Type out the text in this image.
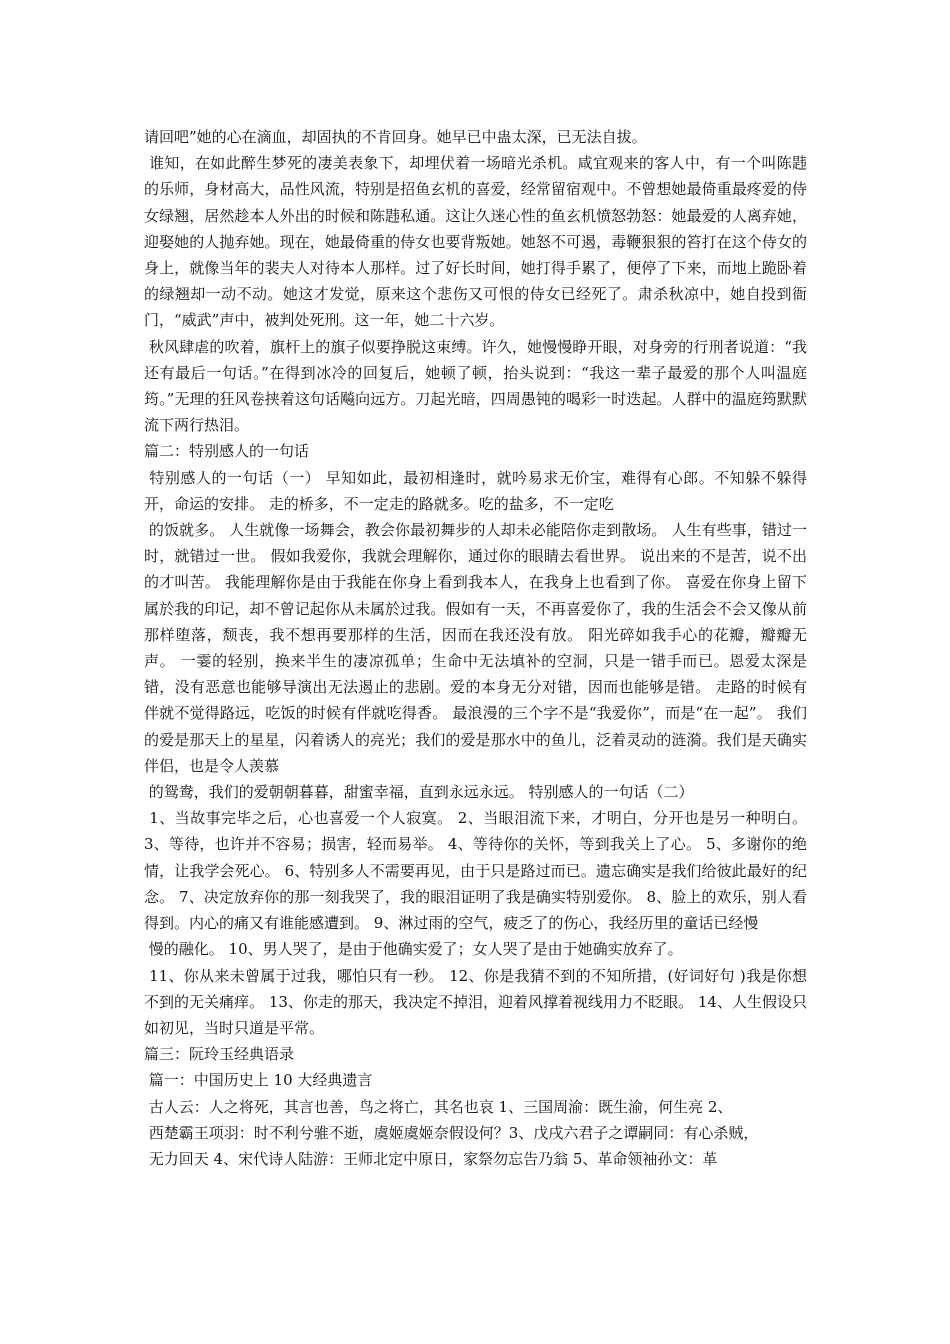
请回吧”她的心在滴血，却固执的不肯回身。她早已中蛊太深，已无法自拔。

谁知，在如此醉生梦死的凄美表象下，却埋伏着一场暗光杀机。咸宜观来的客人中，有一个叫陈韪的乐师，身材高大，品性风流，特别是招鱼玄机的喜爱，经常留宿观中。不曾想她最倚重最疼爱的侍女绿翘，居然趁本人外出的时候和陈韪私通。这让久迷心性的鱼玄机愤怒勃怒：她最爱的人离弃她，迎娶她的人抛弃她。现在，她最倚重的侍女也要背叛她。她怒不可遏，毒鞭狠狠的笞打在这个侍女的身上，就像当年的裴夫人对待本人那样。过了好长时间，她打得手累了，便停了下来，而地上跪卧着的绿翘却一动不动。她这才发觉，原来这个悲伤又可恨的侍女已经死了。肃杀秋凉中，她自投到衙门，“威武”声中，被判处死刑。这一年，她二十六岁。

秋风肆虐的吹着，旗杆上的旗子似要挣脱这束缚。许久，她慢慢睁开眼，对身旁的行刑者说道：“我还有最后一句话。”在得到冰冷的回复后，她顿了顿，抬头说到：“我这一辈子最爱的那个人叫温庭筠。”无理的狂风卷挟着这句话飚向远方。刀起光暗，四周愚钝的喝彩一时迭起。人群中的温庭筠默默流下两行热泪。

篇二：特别感人的一句话

特别感人的一句话（一） 早知如此，最初相逢时，就吟易求无价宝，难得有心郎。不知躲不躲得开，命运的安排。 走的桥多，不一定走的路就多。吃的盐多，不一定吃

的饭就多。 人生就像一场舞会，教会你最初舞步的人却未必能陪你走到散场。 人生有些事，错过一时，就错过一世。 假如我爱你，我就会理解你，通过你的眼睛去看世界。 说出来的不是苦，说不出的才叫苦。 我能理解你是由于我能在你身上看到我本人，在我身上也看到了你。 喜爱在你身上留下属於我的印记，却不曾记起你从未属於过我。假如有一天，不再喜爱你了，我的生活会不会又像从前那样堕落，颓丧，我不想再要那样的生活，因而在我还没有放。 阳光碎如我手心的花瓣，瓣瓣无声。 一霎的轻别，换来半生的凄凉孤单；生命中无法填补的空洞，只是一错手而已。恩爱太深是错，没有恶意也能够导演出无法遏止的悲剧。爱的本身无分对错，因而也能够是错。 走路的时候有伴就不觉得路远，吃饭的时候有伴就吃得香。 最浪漫的三个字不是“我爱你”，而是“在一起”。 我们的爱是那天上的星星，闪着诱人的亮光；我们的爱是那水中的鱼儿，泛着灵动的涟漪。我们是天确实伴侣，也是令人羡慕

的鸳鸯，我们的爱朝朝暮暮，甜蜜幸福，直到永远永远。 特别感人的一句话（二）

1、当故事完毕之后，心也喜爱一个人寂寞。 2、当眼泪流下来，才明白，分开也是另一种明白。 3、等待，也许并不容易；损害，轻而易举。 4、等待你的关怀，等到我关上了心。 5、多谢你的绝情，让我学会死心。 6、特别多人不需要再见，由于只是路过而已。遗忘确实是我们给彼此最好的纪念。 7、决定放弃你的那一刻我哭了，我的眼泪证明了我是确实特别爱你。 8、脸上的欢乐，别人看得到。内心的痛又有谁能感遭到。 9、淋过雨的空气，疲乏了的伤心，我经历里的童话已经慢

慢的融化。 10、男人哭了，是由于他确实爱了；女人哭了是由于她确实放弃了。

11、你从来未曾属于过我，哪怕只有一秒。 12、你是我猜不到的不知所措，(好词好句 )我是你想不到的无关痛痒。 13、你走的那天，我决定不掉泪，迎着风撑着视线用力不眨眼。 14、人生假设只如初见，当时只道是平常。

篇三：阮玲玉经典语录

篇一：中国历史上 10 大经典遗言

古人云：人之将死，其言也善，鸟之将亡，其名也哀 1、三国周渝：既生渝，何生亮 2、

西楚霸王项羽：时不利兮骓不逝，虞姬虞姬奈假设何？3、戊戌六君子之谭嗣同：有心杀贼，

无力回天 4、宋代诗人陆游：王师北定中原日，家祭勿忘告乃翁 5、革命领袖孙文：革
